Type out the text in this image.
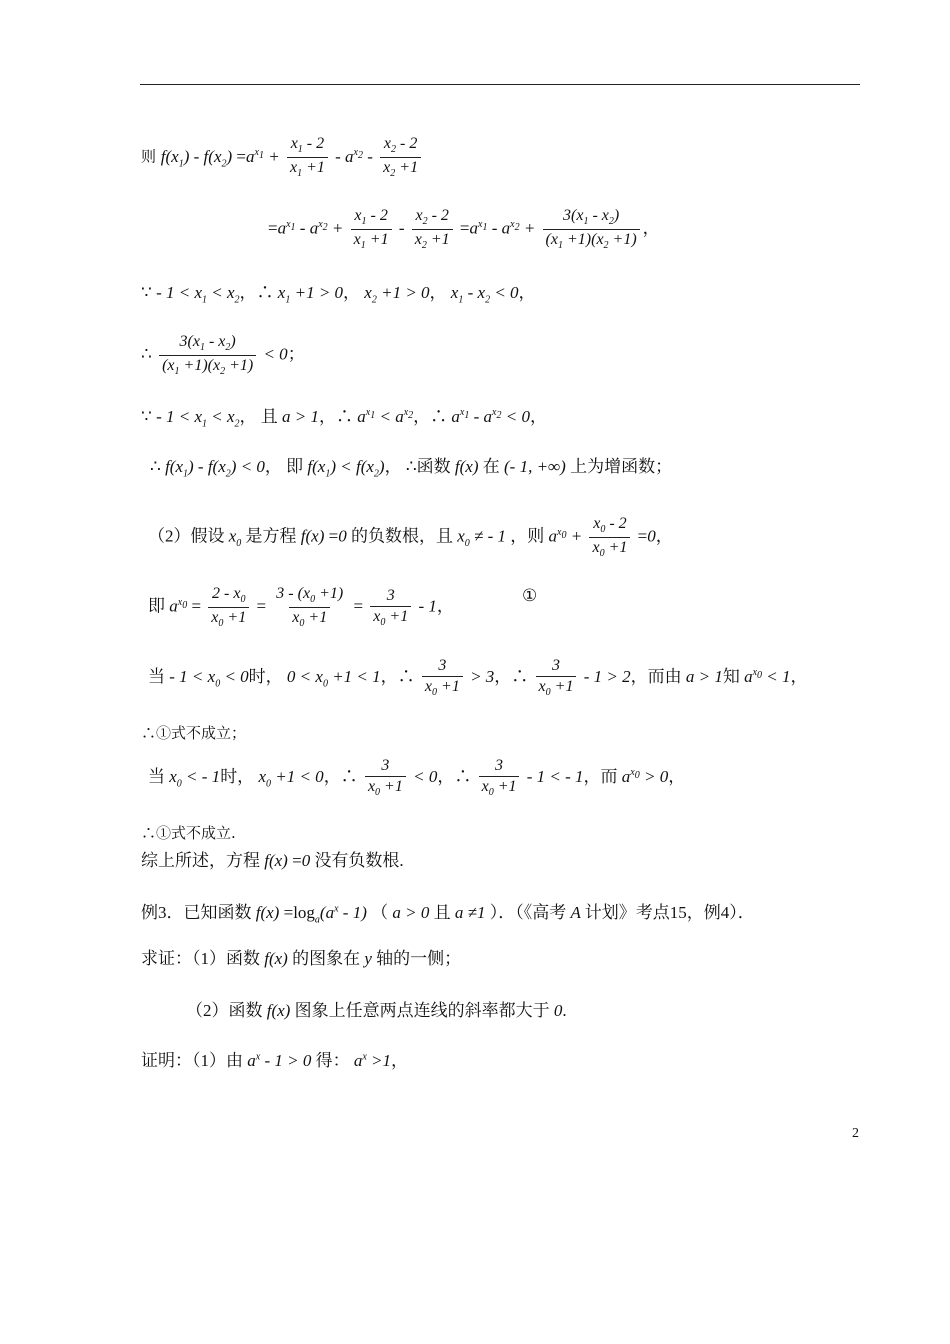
则 $f(x_1) - f(x_2) =a^{x_1} + \frac{x_1 - 2}{x_1 +1} - a^{x_2} - \frac{x_2 - 2}{x_2 +1}$
$=a^{x_1} - a^{x_2} + \frac{x_1 - 2}{x_1 +1} - \frac{x_2 - 2}{x_2 +1} =a^{x_1} - a^{x_2} + \frac{3(x_1 - x_2)}{(x_1 +1)(x_2 +1)}$ ，
∵ - $1 < x_1 < x_2$，∴ $x_1 +1 > 0$， $x_2 +1 > 0$， $x_1 - x_2 < 0$，
∴ $\frac{3(x_1 - x_2)}{(x_1 +1)(x_2 +1)} < 0$；
∵ - $1 < x_1 < x_2$， 且 a > 1，∴ $a^{x_1} < a^{x_2}$，∴ $a^{x_1} - a^{x_2} < 0$，
∴ $f(x_1) - f(x_2) < 0$， 即 $f(x_1) < f(x_2)$， ∴函数 f(x) 在 (- 1, +∞) 上为增函数；
（2）假设 $x_0$ 是方程 f(x) =0 的负数根，且 $x_0$ ≠ - 1 ，则 $a^{x_0} + \frac{x_0 - 2}{x_0 +1} =0$，
即 $a^{x_0} = \frac{2 - x_0}{x_0 +1} = \frac{3 - (x_0 +1)}{x_0 +1} = \frac{3}{x_0 +1} - 1$，
①
当 - $1 < x_0 < 0$时， $0 < x_0 +1 < 1$，∴ $\frac{3}{x_0 +1} > 3$，∴ $\frac{3}{x_0 +1} - 1 > 2$，而由 a > 1知 $a^{x_0} < 1$，
∴①式不成立；
当 $x_0$ < - 1时， $x_0 +1 < 0$，∴ $\frac{3}{x_0 +1} < 0$，∴ $\frac{3}{x_0 +1} - 1$ < - 1，而 $a^{x_0} > 0$，
∴①式不成立.
综上所述，方程 f(x) =0 没有负数根.
例3．已知函数 $f(x) =\log_a(a^x - 1)$ （ a > 0 且 a ≠1 ）．（《高考 A 计划》考点15，例4）．
求证：（1）函数 f(x) 的图象在 y 轴的一侧；
（2）函数 f(x) 图象上任意两点连线的斜率都大于 0.
证明：（1）由 $a^x - 1 > 0$ 得： $a^x >1$，
2
